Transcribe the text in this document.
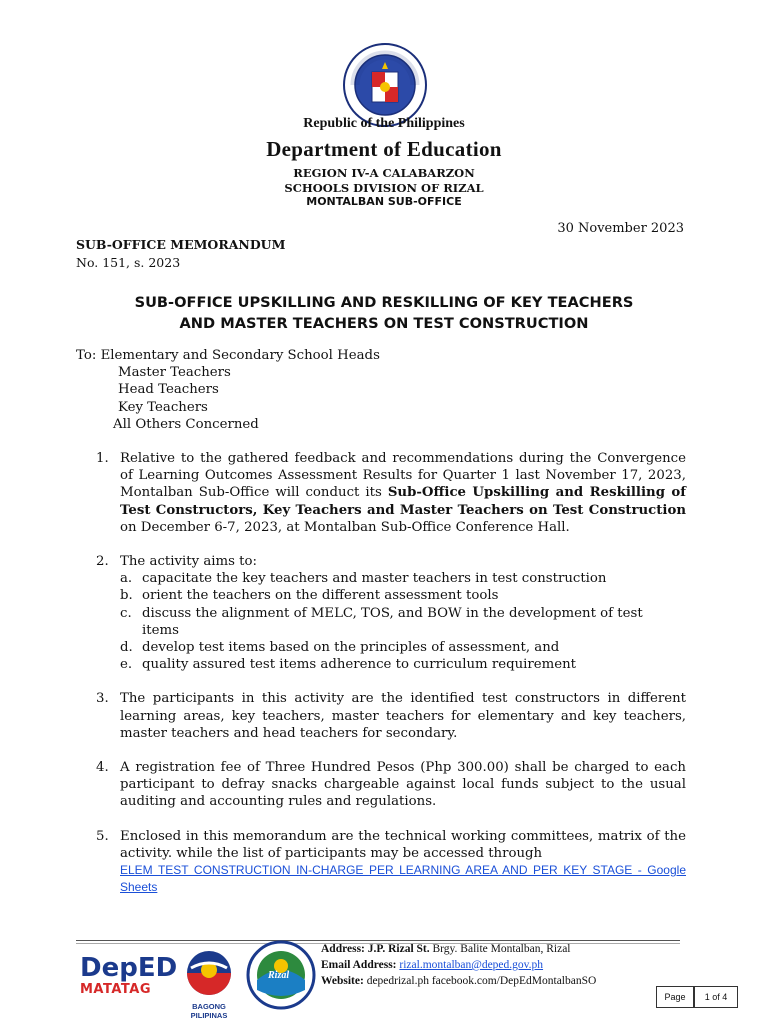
Republic of the Philippines
Department of Education
REGION IV-A CALABARZON
SCHOOLS DIVISION OF RIZAL
MONTALBAN SUB-OFFICE
30 November 2023
SUB-OFFICE MEMORANDUM
No. 151, s. 2023
SUB-OFFICE UPSKILLING AND RESKILLING OF KEY TEACHERS
AND MASTER TEACHERS ON TEST CONSTRUCTION
To: Elementary and Secondary School Heads
Master Teachers
Head Teachers
Key Teachers
All Others Concerned
1. Relative to the gathered feedback and recommendations during the Convergence of Learning Outcomes Assessment Results for Quarter 1 last November 17, 2023, Montalban Sub-Office will conduct its Sub-Office Upskilling and Reskilling of Test Constructors, Key Teachers and Master Teachers on Test Construction on December 6-7, 2023, at Montalban Sub-Office Conference Hall.
2. The activity aims to:
a. capacitate the key teachers and master teachers in test construction
b. orient the teachers on the different assessment tools
c. discuss the alignment of MELC, TOS, and BOW in the development of test items
d. develop test items based on the principles of assessment, and
e. quality assured test items adherence to curriculum requirement
3. The participants in this activity are the identified test constructors in different learning areas, key teachers, master teachers for elementary and key teachers, master teachers and head teachers for secondary.
4. A registration fee of Three Hundred Pesos (Php 300.00) shall be charged to each participant to defray snacks chargeable against local funds subject to the usual auditing and accounting rules and regulations.
5. Enclosed in this memorandum are the technical working committees, matrix of the activity. while the list of participants may be accessed through
ELEM TEST CONSTRUCTION IN-CHARGE PER LEARNING AREA AND PER KEY STAGE - Google Sheets
DepED
MATATAG
BAGONG PILIPINAS
Rizal
Address: J.P. Rizal St. Brgy. Balite Montalban, Rizal
Email Address: rizal.montalban@deped.gov.ph
Website: depedrizal.ph facebook.com/DepEdMontalbanSO
Page	1 of 4
